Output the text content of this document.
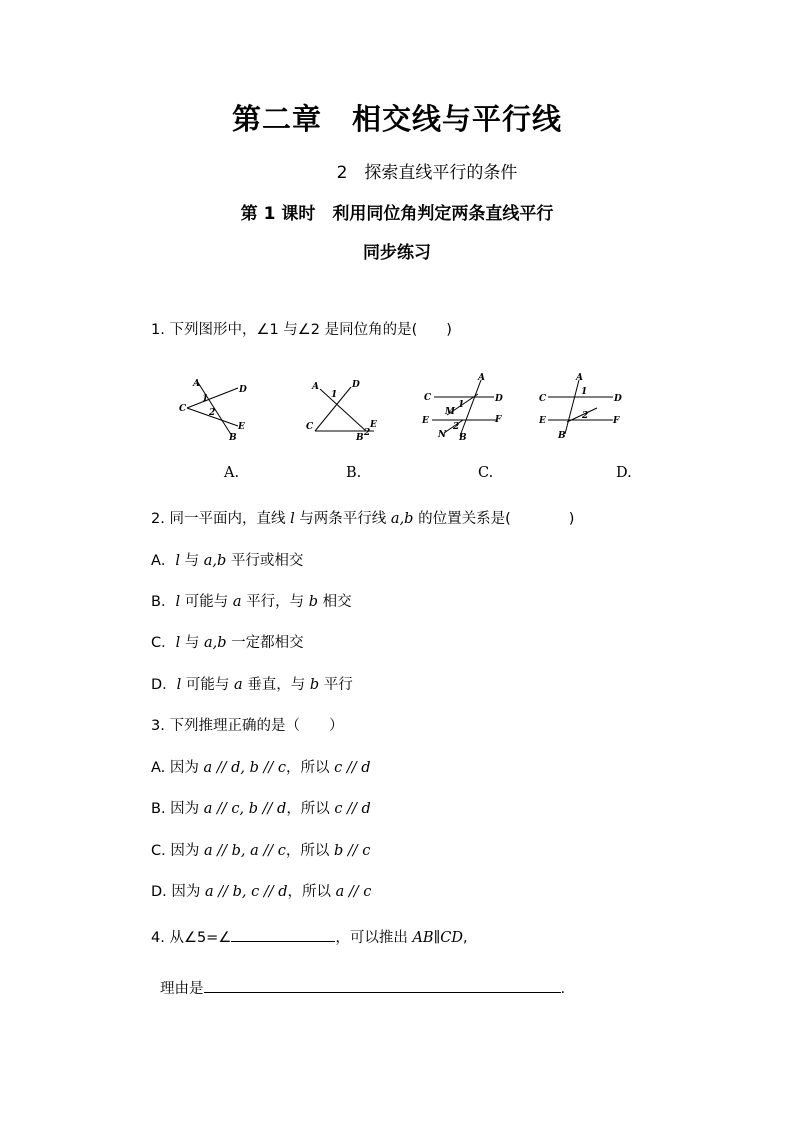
第二章　相交线与平行线
2　探索直线平行的条件
第 1 课时　利用同位角判定两条直线平行
同步练习
1. 下列图形中，∠1 与∠2 是同位角的是(　　)
A
D
C
1
2
E
B
A
1
D
C
B 2
E
A
C	D
E	F
M
1
N
2
B
A
1
C	D
E	2	F
B
A.	B.	C.	D.
2. 同一平面内，直线 l 与两条平行线 a,b 的位置关系是(　　　　)
A．l 与 a,b 平行或相交
B．l 可能与 a 平行，与 b 相交
C．l 与 a,b 一定都相交
D．l 可能与 a 垂直，与 b 平行
3. 下列推理正确的是（　　）
A. 因为 a // d, b // c，所以 c // d
B. 因为 a // c, b // d，所以 c // d
C. 因为 a // b, a // c，所以 b // c
D. 因为 a // b, c // d，所以 a // c
4. 从∠5=∠	，可以推出 AB∥CD,
理由是	.
